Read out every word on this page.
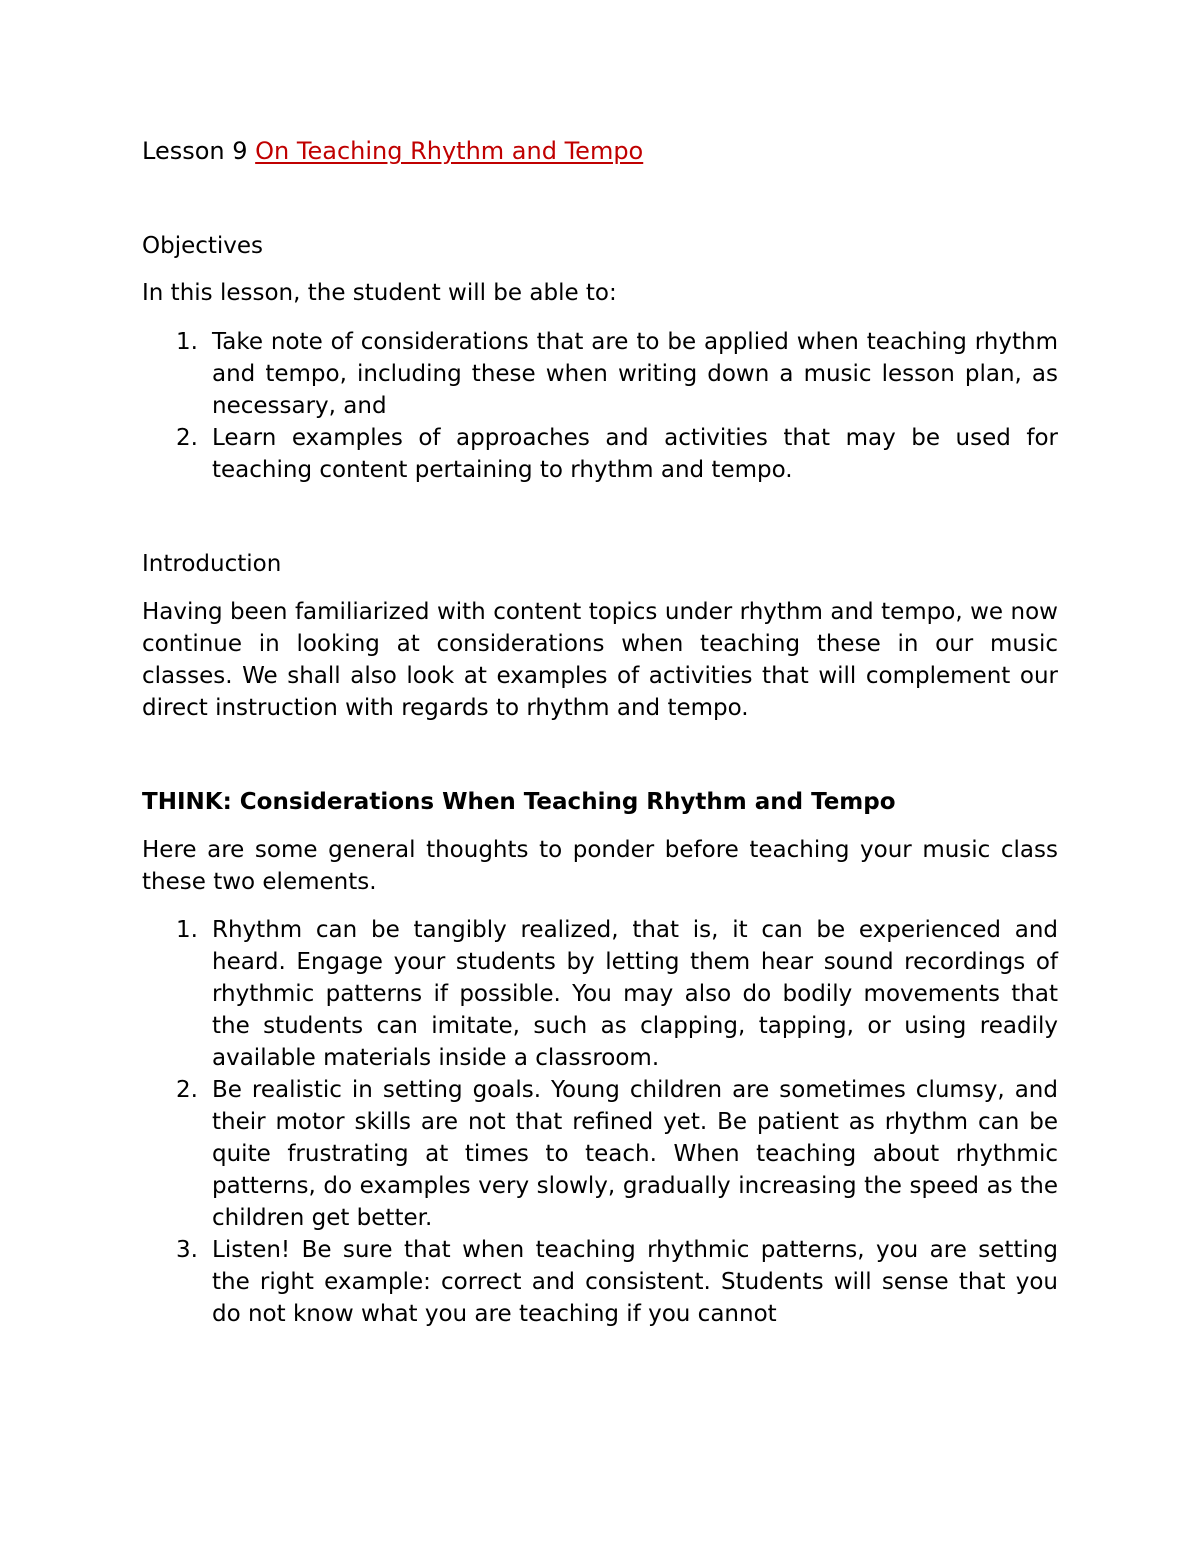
Lesson 9 On Teaching Rhythm and Tempo

Objectives

In this lesson, the student will be able to:

1. Take note of considerations that are to be applied when teaching rhythm and tempo, including these when writing down a music lesson plan, as necessary, and
2. Learn examples of approaches and activities that may be used for teaching content pertaining to rhythm and tempo.

Introduction

Having been familiarized with content topics under rhythm and tempo, we now continue in looking at considerations when teaching these in our music classes. We shall also look at examples of activities that will complement our direct instruction with regards to rhythm and tempo.

THINK: Considerations When Teaching Rhythm and Tempo

Here are some general thoughts to ponder before teaching your music class these two elements.

1. Rhythm can be tangibly realized, that is, it can be experienced and heard. Engage your students by letting them hear sound recordings of rhythmic patterns if possible. You may also do bodily movements that the students can imitate, such as clapping, tapping, or using readily available materials inside a classroom.
2. Be realistic in setting goals. Young children are sometimes clumsy, and their motor skills are not that refined yet. Be patient as rhythm can be quite frustrating at times to teach. When teaching about rhythmic patterns, do examples very slowly, gradually increasing the speed as the children get better.
3. Listen! Be sure that when teaching rhythmic patterns, you are setting the right example: correct and consistent. Students will sense that you do not know what you are teaching if you cannot
